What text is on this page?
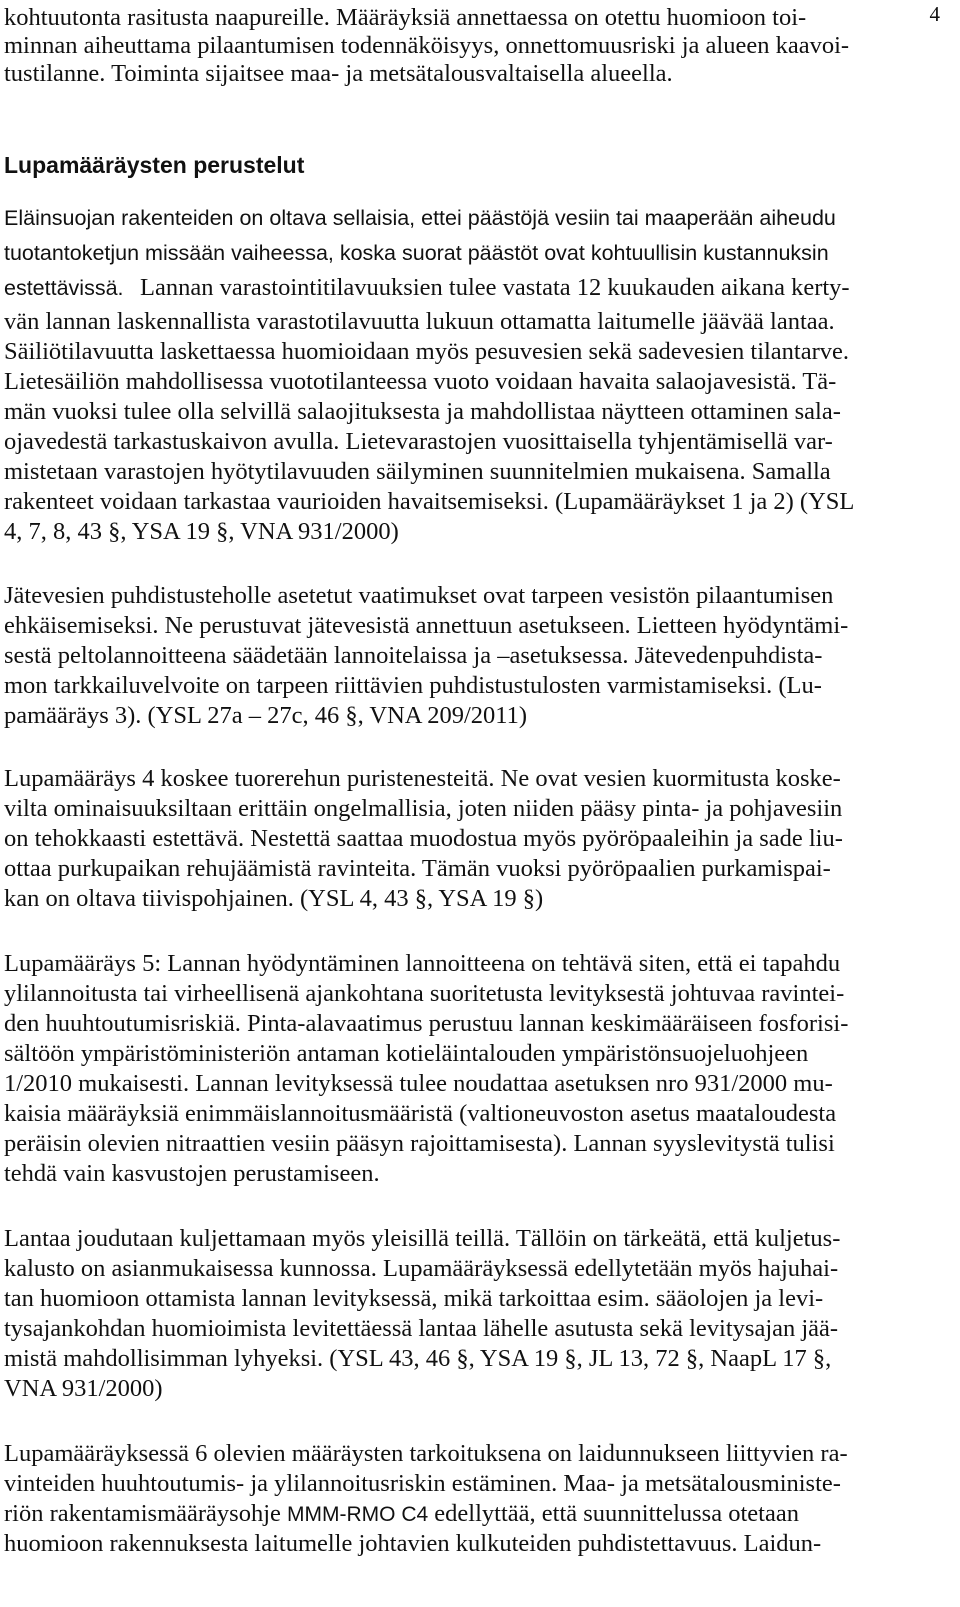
4
kohtuutonta rasitusta naapureille. Määräyksiä annettaessa on otettu huomioon toi-
minnan aiheuttama pilaantumisen todennäköisyys, onnettomuusriski ja alueen kaavoi-
tustilanne. Toiminta sijaitsee maa- ja metsätalousvaltaisella alueella.
Lupamääräysten perustelut
Eläinsuojan rakenteiden on oltava sellaisia, ettei päästöjä vesiin tai maaperään aiheudu
tuotantoketjun missään vaiheessa, koska suorat päästöt ovat kohtuullisin kustannuksin
estettävissä. Lannan varastointitilavuuksien tulee vastata 12 kuukauden aikana kerty-
vän lannan laskennallista varastotilavuutta lukuun ottamatta laitumelle jäävää lantaa.
Säiliötilavuutta laskettaessa huomioidaan myös pesuvesien sekä sadevesien tilantarve.
Lietesäiliön mahdollisessa vuototilanteessa vuoto voidaan havaita salaojavesistä. Tä-
män vuoksi tulee olla selvillä salaojituksesta ja mahdollistaa näytteen ottaminen sala-
ojavedestä tarkastuskaivon avulla. Lietevarastojen vuosittaisella tyhjentämisellä var-
mistetaan varastojen hyötytilavuuden säilyminen suunnitelmien mukaisena. Samalla
rakenteet voidaan tarkastaa vaurioiden havaitsemiseksi. (Lupamääräykset 1 ja 2) (YSL
4, 7, 8, 43 §, YSA 19 §, VNA 931/2000)
Jätevesien puhdistusteholle asetetut vaatimukset ovat tarpeen vesistön pilaantumisen
ehkäisemiseksi. Ne perustuvat jätevesistä annettuun asetukseen. Lietteen hyödyntämi-
sestä peltolannoitteena säädetään lannoitelaissa ja –asetuksessa. Jätevedenpuhdista-
mon tarkkailuvelvoite on tarpeen riittävien puhdistustulosten varmistamiseksi. (Lu-
pamääräys 3). (YSL 27a – 27c, 46 §, VNA 209/2011)
Lupamääräys 4 koskee tuorerehun puristenesteitä. Ne ovat vesien kuormitusta koske-
vilta ominaisuuksiltaan erittäin ongelmallisia, joten niiden pääsy pinta- ja pohjavesiin
on tehokkaasti estettävä. Nestettä saattaa muodostua myös pyöröpaaleihin ja sade liu-
ottaa purkupaikan rehujäämistä ravinteita. Tämän vuoksi pyöröpaalien purkamispai-
kan on oltava tiivispohjainen. (YSL 4, 43 §, YSA 19 §)
Lupamääräys 5: Lannan hyödyntäminen lannoitteena on tehtävä siten, että ei tapahdu
ylilannoitusta tai virheellisenä ajankohtana suoritetusta levityksestä johtuvaa ravintei-
den huuhtoutumisriskiä. Pinta-alavaatimus perustuu lannan keskimääräiseen fosforisi-
sältöön ympäristöministeriön antaman kotieläintalouden ympäristönsuojeluohjeen
1/2010 mukaisesti. Lannan levityksessä tulee noudattaa asetuksen nro 931/2000 mu-
kaisia määräyksiä enimmäislannoitusmääristä (valtioneuvoston asetus maataloudesta
peräisin olevien nitraattien vesiin pääsyn rajoittamisesta). Lannan syyslevitystä tulisi
tehdä vain kasvustojen perustamiseen.
Lantaa joudutaan kuljettamaan myös yleisillä teillä. Tällöin on tärkeätä, että kuljetus-
kalusto on asianmukaisessa kunnossa. Lupamääräyksessä edellytetään myös hajuhai-
tan huomioon ottamista lannan levityksessä, mikä tarkoittaa esim. sääolojen ja levi-
tysajankohdan huomioimista levitettäessä lantaa lähelle asutusta sekä levitysajan jää-
mistä mahdollisimman lyhyeksi. (YSL 43, 46 §, YSA 19 §, JL 13, 72 §, NaapL 17 §,
VNA 931/2000)
Lupamääräyksessä 6 olevien määräysten tarkoituksena on laidunnukseen liittyvien ra-
vinteiden huuhtoutumis- ja ylilannoitusriskin estäminen. Maa- ja metsätalousministe-
riön rakentamismääräysohje MMM-RMO C4 edellyttää, että suunnittelussa otetaan
huomioon rakennuksesta laitumelle johtavien kulkuteiden puhdistettavuus. Laidun-
